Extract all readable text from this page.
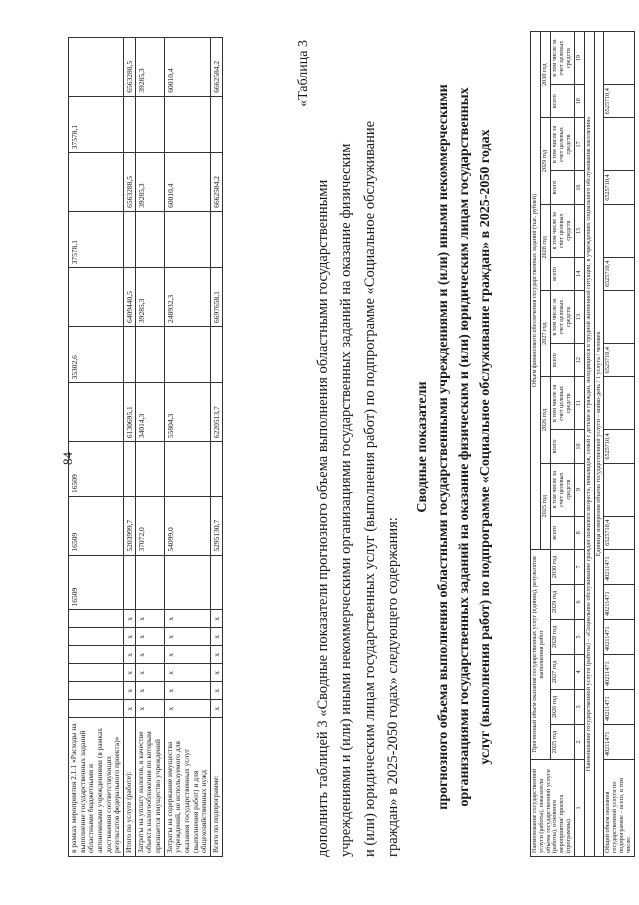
84
в рамках мероприятия 2.1.1 «Расходы на выполнение государственных заданий областными бюджетными и автономными учреждениями (в рамках достижения соответствующих результатов федерального проекта)»							16509	16509	16509		35302,6		37578,1		37578,1	
Итого по услуге (работе):	x	x	x	x	x	x		5203999,7		6130695,1		6409440,5		6563288,5		6563288,5
Затраты на уплату налогов, в качестве объекта налогообложения по которым признается имущество учреждений	x	x	x	x	x	x		37072,0		34014,3		39285,3		39285,3		39285,3
Затраты на содержание имущества учреждений, не используемого для оказания государственных услуг (выполнения работ) и для общехозяйственных нужд	x	x	x	x	x	x		54099,0		55804,3		248932,3		60010,4		60010,4
Всего по подпрограмме:	x	x	x	x	x	x		5295130,7		6220513,7		6697658,1		6662584,2		6662584,2
дополнить таблицей 3 «Сводные показатели прогнозного объема выполнения областными государственными учреждениями и (или) иными некоммерческими организациями государственных заданий на оказание физическим и (или) юридическим лицам государственных услуг (выполнения работ) по подпрограмме «Социальное обслуживание граждан» в 2025-2050 годах» следующего содержания:
«Таблица 3
Сводные показатели прогнозного объема выполнения областными государственными учреждениями и (или) иными некоммерческими организациями государственных заданий на оказание физическим и (или) юридическим лицам государственных услуг (выполнения работ) по подпрограмме «Социальное обслуживание граждан» в 2025-2050 годах
Наименование государственной услуги (работы), показателя объема государственной услуги (работы), основного мероприятия/ проекта (программы)	Прогнозный объем оказания государственных услуг (единиц), результатов выполнения работ						Объем финансового обеспечения государственных заданий (тыс. рублей)											
							2025 год		2026 год		2027 год		2028 год		2029 год		2030 год	
	2025 год	2026 год	2027 год	2028 год	2029 год	2030 год	всего	в том числе за счет целевых средств	всего	в том числе за счет целевых средств	всего	в том числе за счет целевых средств	всего	в том числе за счет целевых средств	всего	в том числе за счет целевых средств	всего	в том числе за счет целевых средств
1	2	3	4	5	6	7	8	9	10	11	12	13	14	15	16	17	18	19
Наименование государственной услуги (работы) – «Социальное обслуживание граждан пожилого возраста, инвалидов, семей с детьми и граждан, находящихся в трудной жизненной ситуации, в учреждениях социального обслуживания населения»																		
Единица измерения объема государственной услуги – койко-день / 1 услуга / человек																		
Общий объем оказания государственной услуги по подпрограмме – всего, в том числе:	40211471	40211471	40211471	40211471	40211471	40211471	6525710,4		6525710,4		6525710,4		6525710,4		6525710,4		6525710,4	
